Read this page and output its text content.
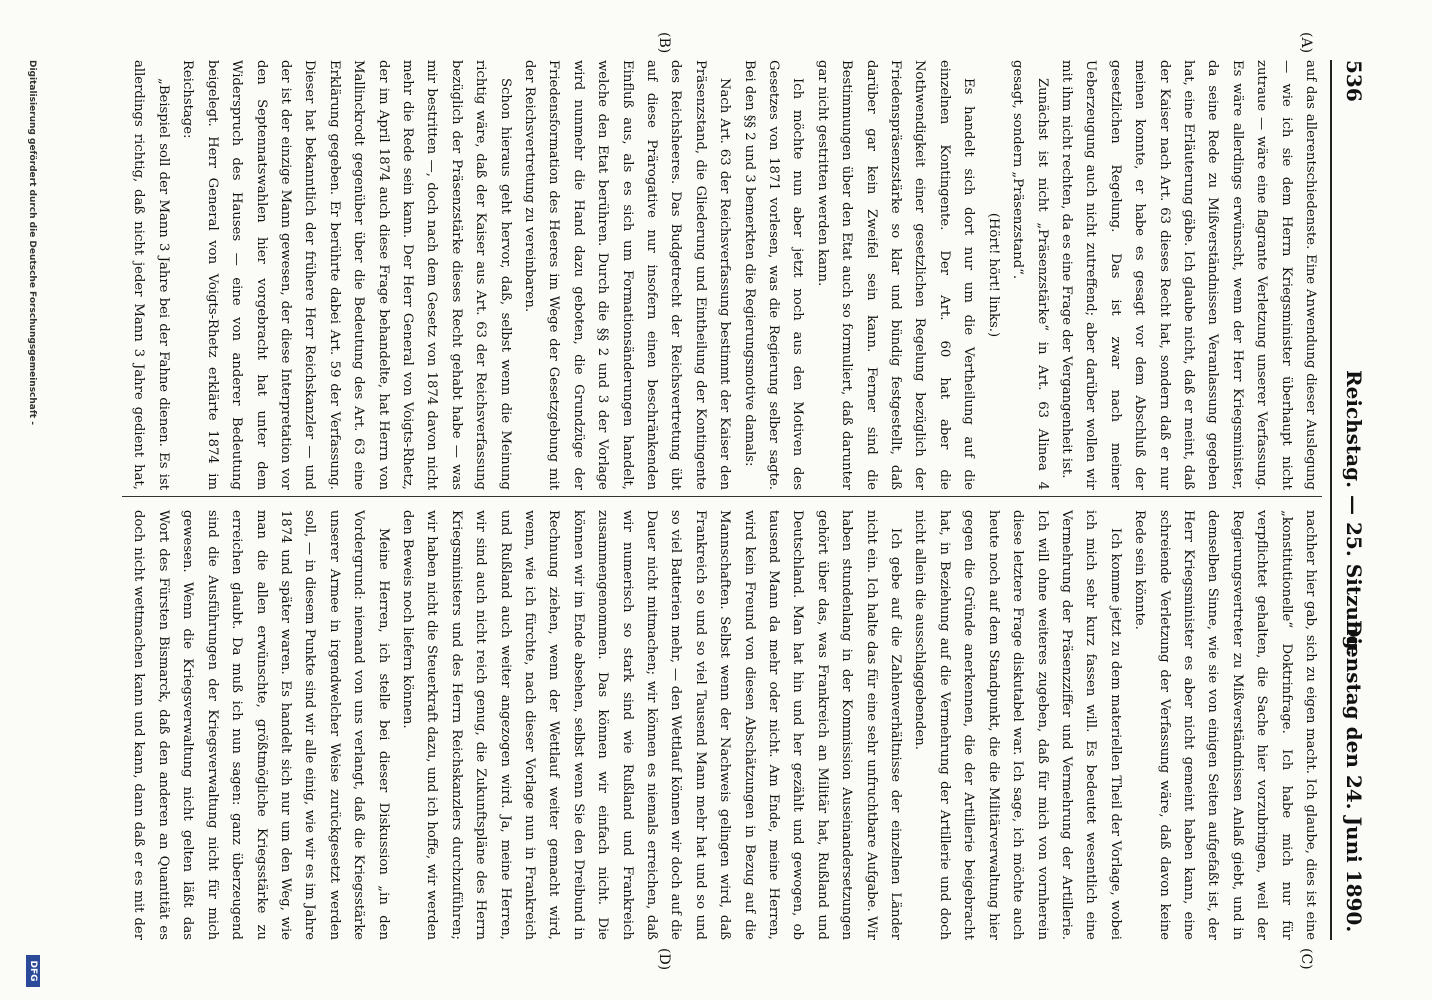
536
Reichstag. — 25. Sitzung.
Dienstag den 24. Juni 1890.
(A)
(B)
(C)
(D)

auf das allerentschiedenste. Eine Anwendung dieser Auslegung — wie ich sie dem Herrn Kriegsminister überhaupt nicht zutraue — wäre eine flagrante Verletzung unserer Verfassung. Es wäre allerdings erwünscht, wenn der Herr Kriegsminister, da seine Rede zu Mißverständnissen Veranlassung gegeben hat, eine Erläuterung gäbe. Ich glaube nicht, daß er meint, daß der Kaiser nach Art. 63 dieses Recht hat, sondern daß er nur meinen konnte, er habe es gesagt vor dem Abschluß der gesetzlichen Regelung. Das ist zwar nach meiner Ueberzeugung auch nicht zutreffend; aber darüber wollen wir mit ihm nicht rechten, da es eine Frage der Vergangenheit ist.

Zunächst ist nicht „Präsenzstärke“ in Art. 63 Alinea 4 gesagt, sondern „Präsenzstand“.

(Hört! hört! links.)

Es handelt sich dort nur um die Vertheilung auf die einzelnen Kontingente. Der Art. 60 hat aber die Nothwendigkeit einer gesetzlichen Regelung bezüglich der Friedenspräsenzstärke so klar und bündig festgestellt, daß darüber gar kein Zweifel sein kann. Ferner sind die Bestimmungen über den Etat auch so formuliert, daß darunter gar nicht gestritten werden kann.

Ich möchte nun aber jetzt noch aus den Motiven des Gesetzes von 1871 vorlesen, was die Regierung selber sagte. Bei den §§ 2 und 3 bemerkten die Regierungsmotive damals:

Nach Art. 63 der Reichsverfassung bestimmt der Kaiser den Präsenzstand, die Gliederung und Eintheilung der Kontingente des Reichsheeres. Das Budgetrecht der Reichsvertretung übt auf diese Prärogative nur insofern einen beschränkenden Einfluß aus, als es sich um Formationsänderungen handelt, welche den Etat berühren. Durch die §§ 2 und 3 der Vorlage wird nunmehr die Hand dazu geboten, die Grundzüge der Friedensformation des Heeres im Wege der Gesetzgebung mit der Reichsvertretung zu vereinbaren.

Schon hieraus geht hervor, daß, selbst wenn die Meinung richtig wäre, daß der Kaiser aus Art. 63 der Reichsverfassung bezüglich der Präsenzstärke dieses Recht gehabt habe — was mir bestritten —, doch nach dem Gesetz von 1874 davon nicht mehr die Rede sein kann. Der Herr General von Voigts-Rhetz, der im April 1874 auch diese Frage behandelte, hat Herrn von Mallinckrodt gegenüber über die Bedeutung des Art. 63 eine Erklärung gegeben. Er berührte dabei Art. 59 der Verfassung. Dieser hat bekanntlich der frühere Herr Reichskanzler — und der ist der einzige Mann gewesen, der diese Interpretation vor den Septennatswahlen hier vorgebracht hat unter dem Widerspruch des Hauses — eine von anderer Bedeutung beigelegt. Herr General von Voigts-Rhetz erklärte 1874 im Reichstage:

„Beispiel soll der Mann 3 Jahre bei der Fahne dienen. Es ist allerdings richtig, daß nicht jeder Mann 3 Jahre gedient hat,

nachher hier gab, sich zu eigen macht. Ich glaube, dies ist eine „konstitutionelle“ Doktrinfrage. Ich habe mich nur für verpflichtet gehalten, die Sache hier vorzubringen, weil der Regierungsvertreter zu Mißverständnissen Anlaß giebt, und in demselben Sinne, wie sie von einigen Seiten aufgefaßt ist, der Herr Kriegsminister es aber nicht gemeint haben kann, eine schreiende Verletzung der Verfassung wäre, daß davon keine Rede sein könnte.

Ich komme jetzt zu dem materiellen Theil der Vorlage, wobei ich mich sehr kurz fassen will. Es bedeutet wesentlich eine Vermehrung der Präsenzziffer und Vermehrung der Artillerie. Ich will ohne weiteres zugeben, daß für mich von vornherein diese letztere Frage diskutabel war. Ich sage, ich möchte auch heute noch auf dem Standpunkt, die die Militärverwaltung hier gegen die Gründe anerkennen, die der Artillerie beigebracht hat, in Beziehung auf die Vermehrung der Artillerie und doch nicht allein die ausschlaggebenden.

Ich gebe auf die Zahlenverhältnisse der einzelnen Länder nicht ein. Ich halte das für eine sehr unfruchtbare Aufgabe. Wir haben stundenlang in der Kommission Auseinandersetzungen gehört über das, was Frankreich an Militär hat, Rußland und Deutschland. Man hat hin und her gezählt und gewogen, ob tausend Mann da mehr oder nicht. Am Ende, meine Herren, wird kein Freund von diesen Abschätzungen in Bezug auf die Mannschaften. Selbst wenn der Nachweis gelingen wird, daß Frankreich so und so viel Tausend Mann mehr hat und so und so viel Batterien mehr, — den Wettlauf können wir doch auf die Dauer nicht mitmachen; wir können es niemals erreichen, daß wir numerisch so stark sind wie Rußland und Frankreich zusammengenommen. Das können wir einfach nicht. Die können wir im Ende absehen, selbst wenn Sie den Dreibund in Rechnung ziehen, wenn der Wettlauf weiter gemacht wird, wenn, wie ich fürchte, nach dieser Vorlage nun in Frankreich und Rußland auch weiter angezogen wird. Ja, meine Herren, wir sind auch nicht reich genug, die Zukunftspläne des Herrn Kriegsministers und des Herrn Reichskanzlers durchzuführen; wir haben nicht die Steuerkraft dazu, und ich hoffe, wir werden den Beweis noch liefern können.

Meine Herren, ich stelle bei dieser Diskussion „in den Vordergrund: niemand von uns verlangt, daß die Kriegsstärke unserer Armee in irgendwelcher Weise zurückgesetzt werden soll, — in diesem Punkte sind wir alle einig, wie wir es im Jahre 1874 und später waren. Es handelt sich nur um den Weg, wie man die allen erwünschte, größtmögliche Kriegsstärke zu erreichen glaubt. Da muß ich nun sagen: ganz überzeugend sind die Ausführungen der Kriegsverwaltung nicht für mich gewesen. Wenn die Kriegsverwaltung nicht gelten läßt das Wort des Fürsten Bismarck, daß den anderen an Quantität es doch nicht wettmachen kann und kann, dann daß er es mit der

Digitalisierung gefördert durch die Deutsche Forschungsgemeinschaft -
DFG
